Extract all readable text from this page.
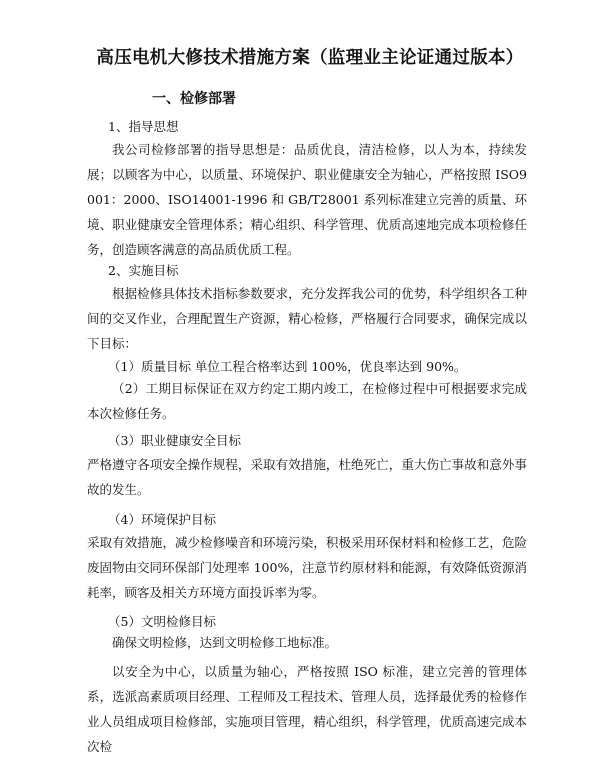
高压电机大修技术措施方案（监理业主论证通过版本）
一、检修部署
1、指导思想
我公司检修部署的指导思想是：品质优良，清洁检修，以人为本，持续发展；以顾客为中心，以质量、环境保护、职业健康安全为轴心，严格按照 ISO9001：2000、ISO14001-1996 和 GB/T28001 系列标准建立完善的质量、环境、职业健康安全管理体系；精心组织、科学管理、优质高速地完成本项检修任务，创造顾客满意的高品质优质工程。
2、实施目标
根据检修具体技术指标参数要求，充分发挥我公司的优势，科学组织各工种间的交叉作业，合理配置生产资源，精心检修，严格履行合同要求，确保完成以下目标：
（1）质量目标 单位工程合格率达到 100%，优良率达到 90%。
（2）工期目标保证在双方约定工期内竣工，在检修过程中可根据要求完成本次检修任务。
（3）职业健康安全目标
严格遵守各项安全操作规程，采取有效措施，杜绝死亡，重大伤亡事故和意外事故的发生。
（4）环境保护目标
采取有效措施，减少检修噪音和环境污染，积极采用环保材料和检修工艺，危险废固物由交同环保部门处理率 100%，注意节约原材料和能源，有效降低资源消耗率，顾客及相关方环境方面投诉率为零。
（5）文明检修目标
确保文明检修，达到文明检修工地标准。
以安全为中心，以质量为轴心，严格按照 ISO 标准，建立完善的管理体系，选派高素质项目经理、工程师及工程技术、管理人员，选择最优秀的检修作业人员组成项目检修部，实施项目管理，精心组织，科学管理，优质高速完成本次检
